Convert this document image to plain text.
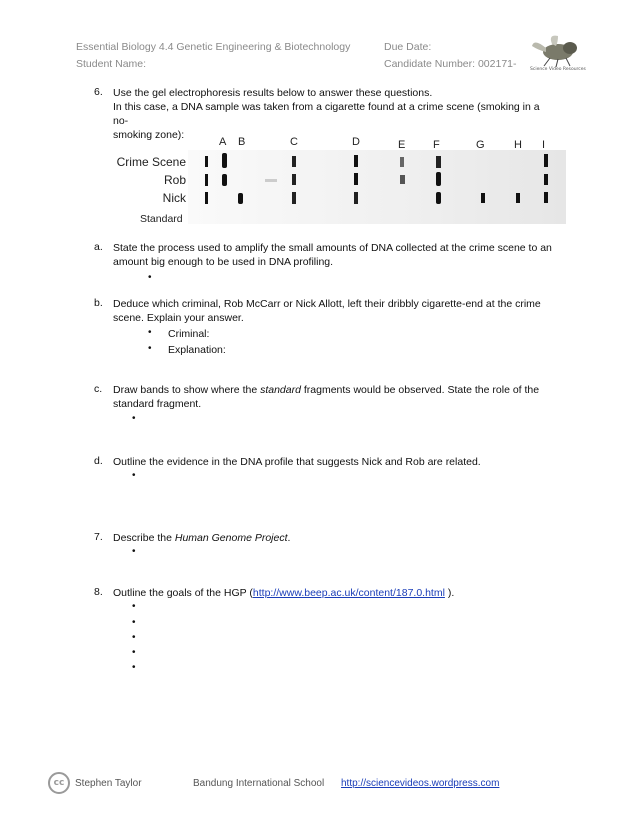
Essential Biology 4.4 Genetic Engineering & Biotechnology	Due Date:
Student Name:	Candidate Number: 002171-	Science Video Resources
6. Use the gel electrophoresis results below to answer these questions.
In this case, a DNA sample was taken from a cigarette found at a crime scene (smoking in a no-
smoking zone):
A B	C	D	E	F	G	H I
Crime Scene
Rob
Nick
Standard
a. State the process used to amplify the small amounts of DNA collected at the crime scene to an
amount big enough to be used in DNA profiling.
•
b. Deduce which criminal, Rob McCarr or Nick Allott, left their dribbly cigarette-end at the crime
scene. Explain your answer.
• Criminal:
• Explanation:
c. Draw bands to show where the standard fragments would be observed. State the role of the
standard fragment.
•
d. Outline the evidence in the DNA profile that suggests Nick and Rob are related.
•
7. Describe the Human Genome Project.
•
8. Outline the goals of the HGP (http://www.beep.ac.uk/content/187.0.html ).
•
•
•
•
•
cc Stephen Taylor	Bandung International School http://sciencevideos.wordpress.com
